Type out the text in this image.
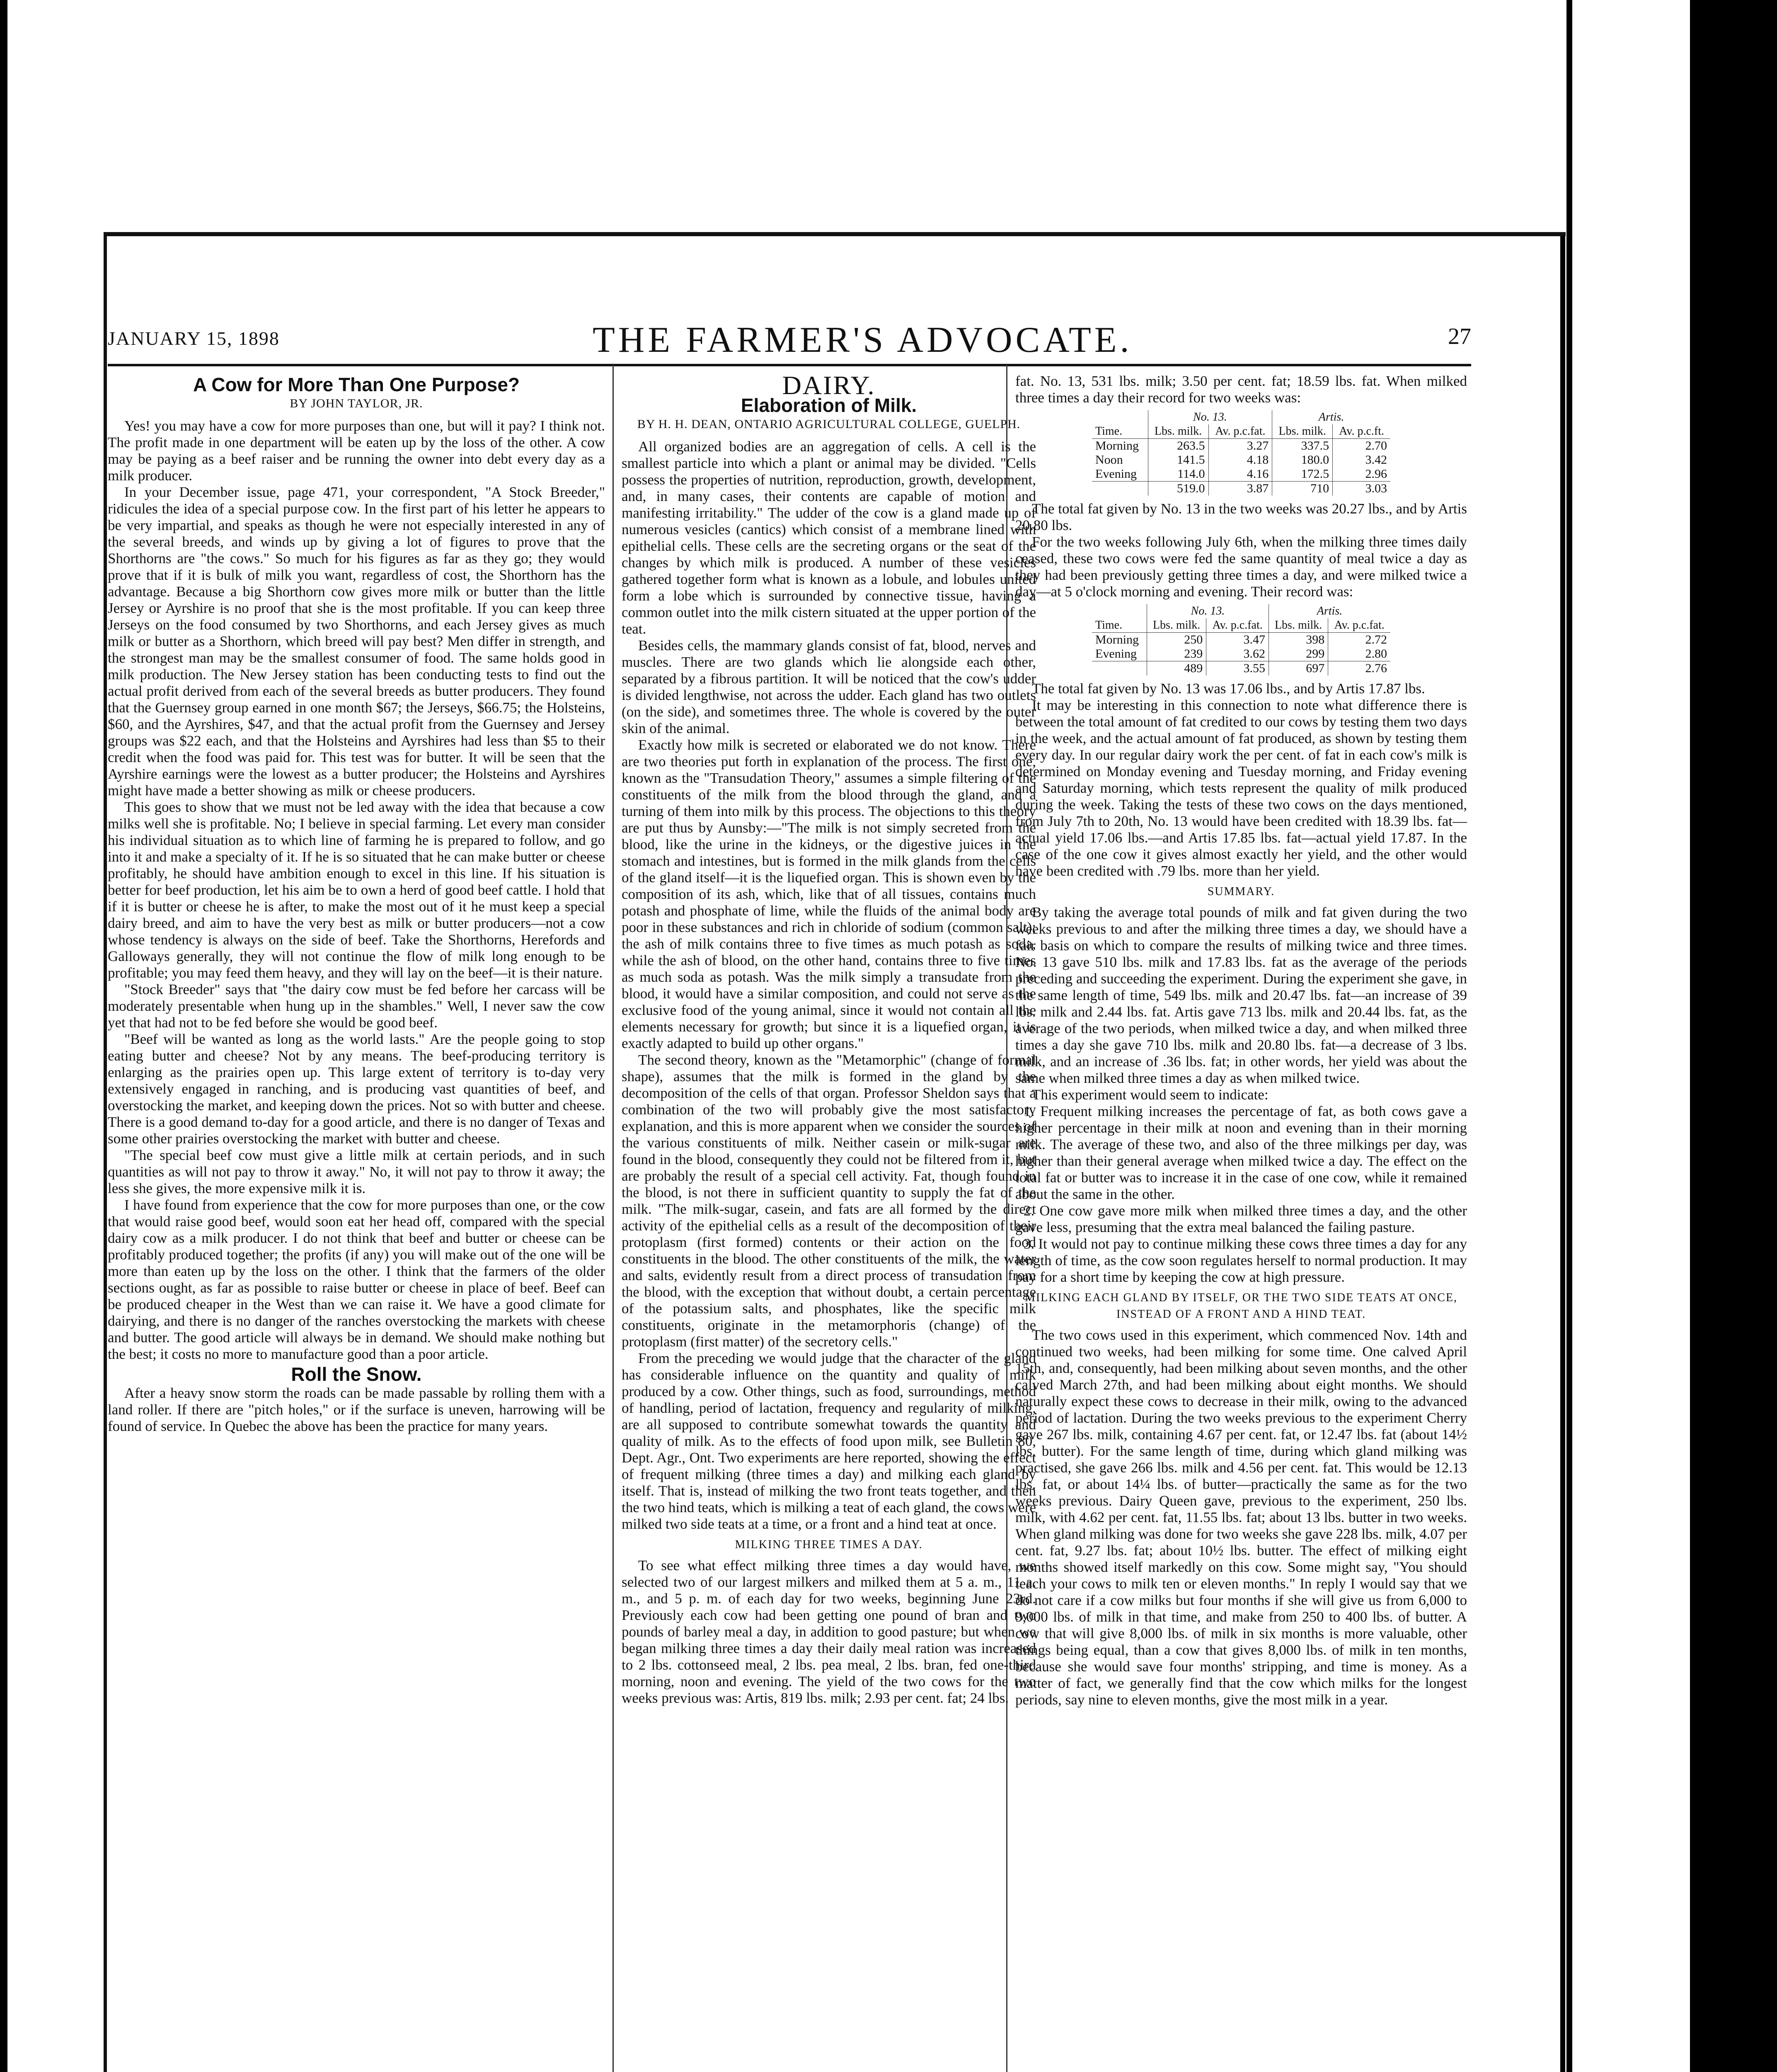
JANUARY 15, 1898	THE FARMER'S ADVOCATE.	27
A Cow for More Than One Purpose?
BY JOHN TAYLOR, JR.

Yes! you may have a cow for more purposes than one, but will it pay? I think not. The profit made in one department will be eaten up by the loss of the other. A cow may be paying as a beef raiser and be running the owner into debt every day as a milk producer.

In your December issue, page 471, your correspondent, "A Stock Breeder," ridicules the idea of a special purpose cow. In the first part of his letter he appears to be very impartial, and speaks as though he were not especially interested in any of the several breeds, and winds up by giving a lot of figures to prove that the Shorthorns are "the cows." So much for his figures as far as they go; they would prove that if it is bulk of milk you want, regardless of cost, the Shorthorn has the advantage. Because a big Shorthorn cow gives more milk or butter than the little Jersey or Ayrshire is no proof that she is the most profitable. If you can keep three Jerseys on the food consumed by two Shorthorns, and each Jersey gives as much milk or butter as a Shorthorn, which breed will pay best? Men differ in strength, and the strongest man may be the smallest consumer of food. The same holds good in milk production. The New Jersey station has been conducting tests to find out the actual profit derived from each of the several breeds as butter producers. They found that the Guernsey group earned in one month $67; the Jerseys, $66.75; the Holsteins, $60, and the Ayrshires, $47, and that the actual profit from the Guernsey and Jersey groups was $22 each, and that the Holsteins and Ayrshires had less than $5 to their credit when the food was paid for. This test was for butter. It will be seen that the Ayrshire earnings were the lowest as a butter producer; the Holsteins and Ayrshires might have made a better showing as milk or cheese producers.

This goes to show that we must not be led away with the idea that because a cow milks well she is profitable. No; I believe in special farming. Let every man consider his individual situation as to which line of farming he is prepared to follow, and go into it and make a specialty of it. If he is so situated that he can make butter or cheese profitably, he should have ambition enough to excel in this line. If his situation is better for beef production, let his aim be to own a herd of good beef cattle. I hold that if it is butter or cheese he is after, to make the most out of it he must keep a special dairy breed, and aim to have the very best as milk or butter producers—not a cow whose tendency is always on the side of beef. Take the Shorthorns, Herefords and Galloways generally, they will not continue the flow of milk long enough to be profitable; you may feed them heavy, and they will lay on the beef—it is their nature.

"Stock Breeder" says that "the dairy cow must be fed before her carcass will be moderately presentable when hung up in the shambles." Well, I never saw the cow yet that had not to be fed before she would be good beef.

"Beef will be wanted as long as the world lasts." Are the people going to stop eating butter and cheese? Not by any means. The beef-producing territory is enlarging as the prairies open up. This large extent of territory is to-day very extensively engaged in ranching, and is producing vast quantities of beef, and overstocking the market, and keeping down the prices. Not so with butter and cheese. There is a good demand to-day for a good article, and there is no danger of Texas and some other prairies overstocking the market with butter and cheese.

"The special beef cow must give a little milk at certain periods, and in such quantities as will not pay to throw it away." No, it will not pay to throw it away; the less she gives, the more expensive milk it is.

I have found from experience that the cow for more purposes than one, or the cow that would raise good beef, would soon eat her head off, compared with the special dairy cow as a milk producer. I do not think that beef and butter or cheese can be profitably produced together; the profits (if any) you will make out of the one will be more than eaten up by the loss on the other. I think that the farmers of the older sections ought, as far as possible to raise butter or cheese in place of beef. Beef can be produced cheaper in the West than we can raise it. We have a good climate for dairying, and there is no danger of the ranches overstocking the markets with cheese and butter. The good article will always be in demand. We should make nothing but the best; it costs no more to manufacture good than a poor article.

Roll the Snow.

After a heavy snow storm the roads can be made passable by rolling them with a land roller. If there are "pitch holes," or if the surface is uneven, harrowing will be found of service. In Quebec the above has been the practice for many years.

DAIRY.
Elaboration of Milk.
BY H. H. DEAN, ONTARIO AGRICULTURAL COLLEGE, GUELPH.

All organized bodies are an aggregation of cells. A cell is the smallest particle into which a plant or animal may be divided. "Cells possess the properties of nutrition, reproduction, growth, development, and, in many cases, their contents are capable of motion and manifesting irritability." The udder of the cow is a gland made up of numerous vesicles (cantics) which consist of a membrane lined with epithelial cells. These cells are the secreting organs or the seat of the changes by which milk is produced. A number of these vesicles gathered together form what is known as a lobule, and lobules united form a lobe which is surrounded by connective tissue, having a common outlet into the milk cistern situated at the upper portion of the teat.

Besides cells, the mammary glands consist of fat, blood, nerves and muscles. There are two glands which lie alongside each other, separated by a fibrous partition. It will be noticed that the cow's udder is divided lengthwise, not across the udder. Each gland has two outlets (on the side), and sometimes three. The whole is covered by the outer skin of the animal.

Exactly how milk is secreted or elaborated we do not know. There are two theories put forth in explanation of the process. The first one, known as the "Transudation Theory," assumes a simple filtering of the constituents of the milk from the blood through the gland, and a turning of them into milk by this process. The objections to this theory are put thus by Aunsby:—"The milk is not simply secreted from the blood, like the urine in the kidneys, or the digestive juices in the stomach and intestines, but is formed in the milk glands from the cells of the gland itself—it is the liquefied organ. This is shown even by the composition of its ash, which, like that of all tissues, contains much potash and phosphate of lime, while the fluids of the animal body are poor in these substances and rich in chloride of sodium (common salt); the ash of milk contains three to five times as much potash as soda, while the ash of blood, on the other hand, contains three to five times as much soda as potash. Was the milk simply a transudate from the blood, it would have a similar composition, and could not serve as the exclusive food of the young animal, since it would not contain all the elements necessary for growth; but since it is a liquefied organ, it is exactly adapted to build up other organs."

The second theory, known as the "Metamorphic" (change of formal shape), assumes that the milk is formed in the gland by the decomposition of the cells of that organ. Professor Sheldon says that a combination of the two will probably give the most satisfactory explanation, and this is more apparent when we consider the sources of the various constituents of milk. Neither casein or milk-sugar are found in the blood, consequently they could not be filtered from it, but are probably the result of a special cell activity. Fat, though found in the blood, is not there in sufficient quantity to supply the fat of the milk. "The milk-sugar, casein, and fats are all formed by the direct activity of the epithelial cells as a result of the decomposition of their protoplasm (first formed) contents or their action on the food constituents in the blood. The other constituents of the milk, the water and salts, evidently result from a direct process of transudation from the blood, with the exception that without doubt, a certain percentage of the potassium salts, and phosphates, like the specific milk constituents, originate in the metamorphoris (change) of the protoplasm (first matter) of the secretory cells."

From the preceding we would judge that the character of the gland has considerable influence on the quantity and quality of milk produced by a cow. Other things, such as food, surroundings, method of handling, period of lactation, frequency and regularity of milking, are all supposed to contribute somewhat towards the quantity and quality of milk. As to the effects of food upon milk, see Bulletin 80, Dept. Agr., Ont. Two experiments are here reported, showing the effect of frequent milking (three times a day) and milking each gland by itself. That is, instead of milking the two front teats together, and then the two hind teats, which is milking a teat of each gland, the cows were milked two side teats at a time, or a front and a hind teat at once.

MILKING THREE TIMES A DAY.

To see what effect milking three times a day would have, we selected two of our largest milkers and milked them at 5 a. m., 11 a. m., and 5 p. m. of each day for two weeks, beginning June 23rd. Previously each cow had been getting one pound of bran and two pounds of barley meal a day, in addition to good pasture; but when we began milking three times a day their daily meal ration was increased to 2 lbs. cottonseed meal, 2 lbs. pea meal, 2 lbs. bran, fed one-third morning, noon and evening. The yield of the two cows for the two weeks previous was: Artis, 819 lbs. milk; 2.93 per cent. fat; 24 lbs.

fat. No. 13, 531 lbs. milk; 3.50 per cent. fat; 18.59 lbs. fat. When milked three times a day their record for two weeks was:

	No. 13.		Artis.	
Time.	Lbs. milk.	Av. p.c.fat.	Lbs. milk.	Av. p.c.ft.
Morning	263.5	3.27	337.5	2.70
Noon	141.5	4.18	180.0	3.42
Evening	114.0	4.16	172.5	2.96
	519.0	3.87	710	3.03

The total fat given by No. 13 in the two weeks was 20.27 lbs., and by Artis 20.80 lbs.

For the two weeks following July 6th, when the milking three times daily ceased, these two cows were fed the same quantity of meal twice a day as they had been previously getting three times a day, and were milked twice a day—at 5 o'clock morning and evening. Their record was:

	No. 13.		Artis.	
Time.	Lbs. milk.	Av. p.c.fat.	Lbs. milk.	Av. p.c.fat.
Morning	250	3.47	398	2.72
Evening	239	3.62	299	2.80
	489	3.55	697	2.76

The total fat given by No. 13 was 17.06 lbs., and by Artis 17.87 lbs.

It may be interesting in this connection to note what difference there is between the total amount of fat credited to our cows by testing them two days in the week, and the actual amount of fat produced, as shown by testing them every day. In our regular dairy work the per cent. of fat in each cow's milk is determined on Monday evening and Tuesday morning, and Friday evening and Saturday morning, which tests represent the quality of milk produced during the week. Taking the tests of these two cows on the days mentioned, from July 7th to 20th, No. 13 would have been credited with 18.39 lbs. fat—actual yield 17.06 lbs.—and Artis 17.85 lbs. fat—actual yield 17.87. In the case of the one cow it gives almost exactly her yield, and the other would have been credited with .79 lbs. more than her yield.

SUMMARY.

By taking the average total pounds of milk and fat given during the two weeks previous to and after the milking three times a day, we should have a fair basis on which to compare the results of milking twice and three times. No. 13 gave 510 lbs. milk and 17.83 lbs. fat as the average of the periods preceding and succeeding the experiment. During the experiment she gave, in the same length of time, 549 lbs. milk and 20.47 lbs. fat—an increase of 39 lbs. milk and 2.44 lbs. fat. Artis gave 713 lbs. milk and 20.44 lbs. fat, as the average of the two periods, when milked twice a day, and when milked three times a day she gave 710 lbs. milk and 20.80 lbs. fat—a decrease of 3 lbs. milk, and an increase of .36 lbs. fat; in other words, her yield was about the same when milked three times a day as when milked twice.

This experiment would seem to indicate:

1. Frequent milking increases the percentage of fat, as both cows gave a higher percentage in their milk at noon and evening than in their morning milk. The average of these two, and also of the three milkings per day, was higher than their general average when milked twice a day. The effect on the total fat or butter was to increase it in the case of one cow, while it remained about the same in the other.

2. One cow gave more milk when milked three times a day, and the other gave less, presuming that the extra meal balanced the failing pasture.

3. It would not pay to continue milking these cows three times a day for any length of time, as the cow soon regulates herself to normal production. It may pay for a short time by keeping the cow at high pressure.

MILKING EACH GLAND BY ITSELF, OR THE TWO SIDE TEATS AT ONCE, INSTEAD OF A FRONT AND A HIND TEAT.

The two cows used in this experiment, which commenced Nov. 14th and continued two weeks, had been milking for some time. One calved April 15th, and, consequently, had been milking about seven months, and the other calved March 27th, and had been milking about eight months. We should naturally expect these cows to decrease in their milk, owing to the advanced period of lactation. During the two weeks previous to the experiment Cherry gave 267 lbs. milk, containing 4.67 per cent. fat, or 12.47 lbs. fat (about 14½ lbs. butter). For the same length of time, during which gland milking was practised, she gave 266 lbs. milk and 4.56 per cent. fat. This would be 12.13 lbs. fat, or about 14¼ lbs. of butter—practically the same as for the two weeks previous. Dairy Queen gave, previous to the experiment, 250 lbs. milk, with 4.62 per cent. fat, 11.55 lbs. fat; about 13 lbs. butter in two weeks. When gland milking was done for two weeks she gave 228 lbs. milk, 4.07 per cent. fat, 9.27 lbs. fat; about 10½ lbs. butter. The effect of milking eight months showed itself markedly on this cow. Some might say, "You should teach your cows to milk ten or eleven months." In reply I would say that we do not care if a cow milks but four months if she will give us from 6,000 to 9,000 lbs. of milk in that time, and make from 250 to 400 lbs. of butter. A cow that will give 8,000 lbs. of milk in six months is more valuable, other things being equal, than a cow that gives 8,000 lbs. of milk in ten months, because she would save four months' stripping, and time is money. As a matter of fact, we generally find that the cow which milks for the longest periods, say nine to eleven months, give the most milk in a year.
